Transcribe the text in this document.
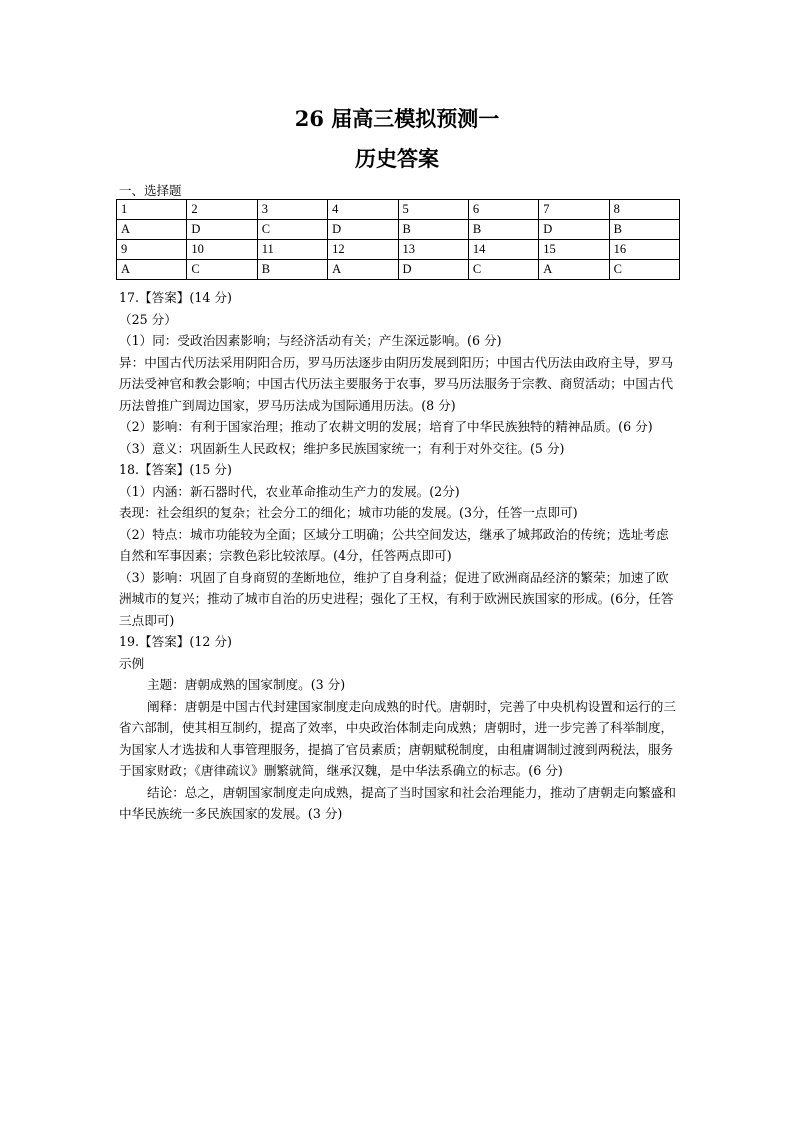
26 届高三模拟预测一
历史答案
一、选择题
1	2	3	4	5	6	7	8
A	D	C	D	B	B	D	B
9	10	11	12	13	14	15	16
A	C	B	A	D	C	A	C

17.【答案】(14 分)

（25 分）

（1）同：受政治因素影响；与经济活动有关；产生深远影响。(6 分)

异：中国古代历法采用阴阳合历，罗马历法逐步由阴历发展到阳历；中国古代历法由政府主导，罗马历法受神官和教会影响；中国古代历法主要服务于农事，罗马历法服务于宗教、商贸活动；中国古代历法曾推广到周边国家，罗马历法成为国际通用历法。(8 分)

（2）影响：有利于国家治理；推动了农耕文明的发展；培育了中华民族独特的精神品质。(6 分)

（3）意义：巩固新生人民政权；维护多民族国家统一；有利于对外交往。(5 分)

18.【答案】(15 分)

（1）内涵：新石器时代，农业革命推动生产力的发展。(2分)

表现：社会组织的复杂；社会分工的细化；城市功能的发展。(3分，任答一点即可)

（2）特点：城市功能较为全面；区域分工明确；公共空间发达，继承了城邦政治的传统；选址考虑自然和军事因素；宗教色彩比较浓厚。(4分，任答两点即可)

（3）影响：巩固了自身商贸的垄断地位，维护了自身利益；促进了欧洲商品经济的繁荣；加速了欧洲城市的复兴；推动了城市自治的历史进程；强化了王权，有利于欧洲民族国家的形成。(6分，任答三点即可)

19.【答案】(12 分)

示例

主题：唐朝成熟的国家制度。(3 分)

阐释：唐朝是中国古代封建国家制度走向成熟的时代。唐朝时，完善了中央机构设置和运行的三省六部制，使其相互制约，提高了效率，中央政治体制走向成熟；唐朝时，进一步完善了科举制度，为国家人才选拔和人事管理服务，提搞了官员素质；唐朝赋税制度，由租庸调制过渡到两税法，服务于国家财政；《唐律疏议》删繁就简，继承汉魏，是中华法系确立的标志。(6 分)

结论：总之，唐朝国家制度走向成熟，提高了当时国家和社会治理能力，推动了唐朝走向繁盛和中华民族统一多民族国家的发展。(3 分)
